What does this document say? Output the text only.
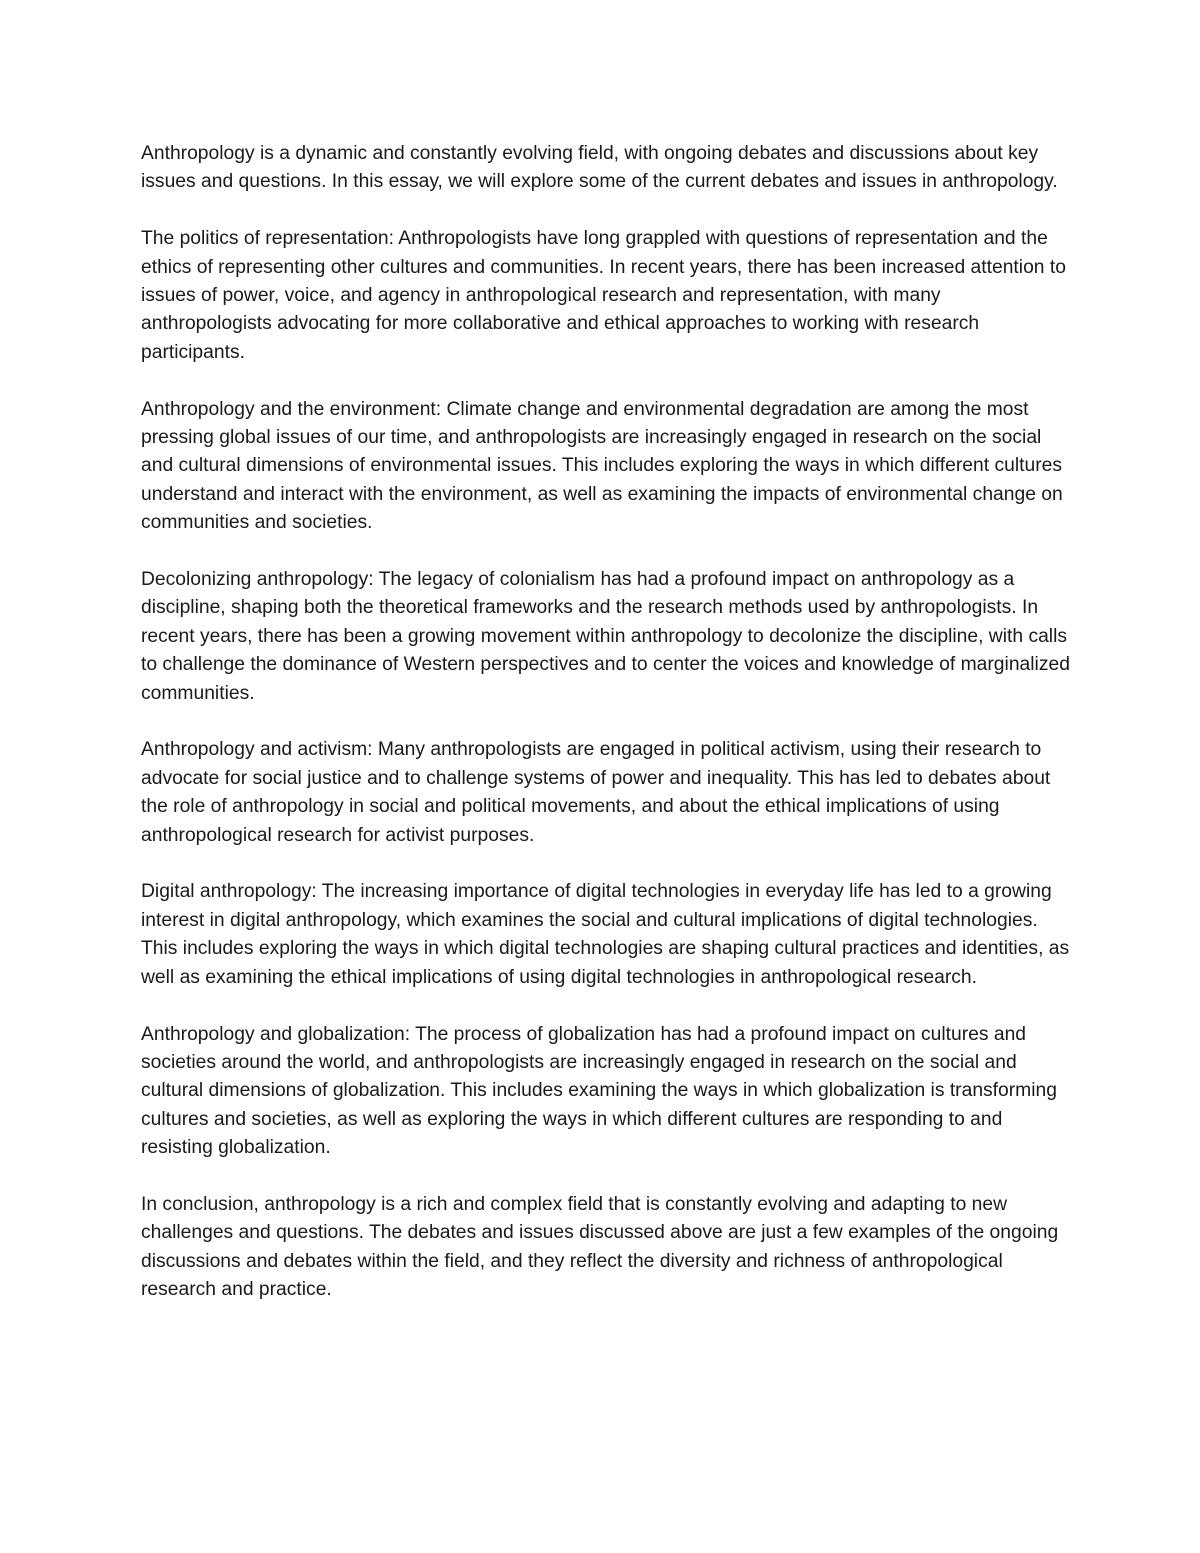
Anthropology is a dynamic and constantly evolving field, with ongoing debates and discussions about key issues and questions. In this essay, we will explore some of the current debates and issues in anthropology.

The politics of representation: Anthropologists have long grappled with questions of representation and the ethics of representing other cultures and communities. In recent years, there has been increased attention to issues of power, voice, and agency in anthropological research and representation, with many anthropologists advocating for more collaborative and ethical approaches to working with research participants.

Anthropology and the environment: Climate change and environmental degradation are among the most pressing global issues of our time, and anthropologists are increasingly engaged in research on the social and cultural dimensions of environmental issues. This includes exploring the ways in which different cultures understand and interact with the environment, as well as examining the impacts of environmental change on communities and societies.

Decolonizing anthropology: The legacy of colonialism has had a profound impact on anthropology as a discipline, shaping both the theoretical frameworks and the research methods used by anthropologists. In recent years, there has been a growing movement within anthropology to decolonize the discipline, with calls to challenge the dominance of Western perspectives and to center the voices and knowledge of marginalized communities.

Anthropology and activism: Many anthropologists are engaged in political activism, using their research to advocate for social justice and to challenge systems of power and inequality. This has led to debates about the role of anthropology in social and political movements, and about the ethical implications of using anthropological research for activist purposes.

Digital anthropology: The increasing importance of digital technologies in everyday life has led to a growing interest in digital anthropology, which examines the social and cultural implications of digital technologies. This includes exploring the ways in which digital technologies are shaping cultural practices and identities, as well as examining the ethical implications of using digital technologies in anthropological research.

Anthropology and globalization: The process of globalization has had a profound impact on cultures and societies around the world, and anthropologists are increasingly engaged in research on the social and cultural dimensions of globalization. This includes examining the ways in which globalization is transforming cultures and societies, as well as exploring the ways in which different cultures are responding to and resisting globalization.

In conclusion, anthropology is a rich and complex field that is constantly evolving and adapting to new challenges and questions. The debates and issues discussed above are just a few examples of the ongoing discussions and debates within the field, and they reflect the diversity and richness of anthropological research and practice.
